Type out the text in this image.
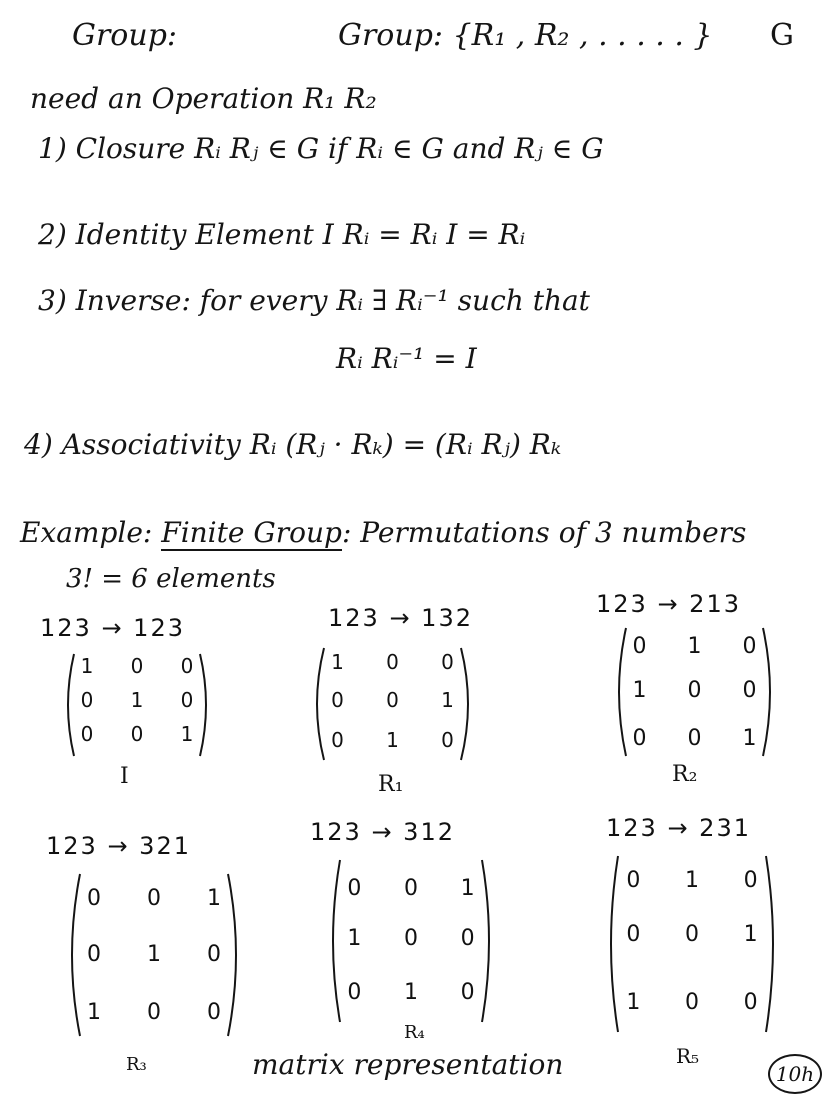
Group:	Group: {R₁ , R₂ , . . . . . } G
need an Operation R₁ R₂
1) Closure Rᵢ Rⱼ ∈ G if Rᵢ ∈ G and Rⱼ ∈ G
2) Identity Element I Rᵢ = Rᵢ I = Rᵢ
3) Inverse: for every Rᵢ ∃ Rᵢ⁻¹ such that
Rᵢ Rᵢ⁻¹ = I
4) Associativity Rᵢ (Rⱼ · Rₖ) = (Rᵢ Rⱼ) Rₖ
Example: Finite Group: Permutations of 3 numbers
3! = 6 elements
123 → 123
1	0	0
0	1	0
0	0	1
I
123 → 132
1	0	0
0	0	1
0	1	0
R₁
123 → 213
0	1	0
1	0	0
0	0	1
R₂
123 → 321
0	0	1
0	1	0
1	0	0
R₃
123 → 312
0	0	1
1	0	0
0	1	0
R₄
123 → 231
0	1	0
0	0	1
1	0	0
R₅
matrix representation	10h
